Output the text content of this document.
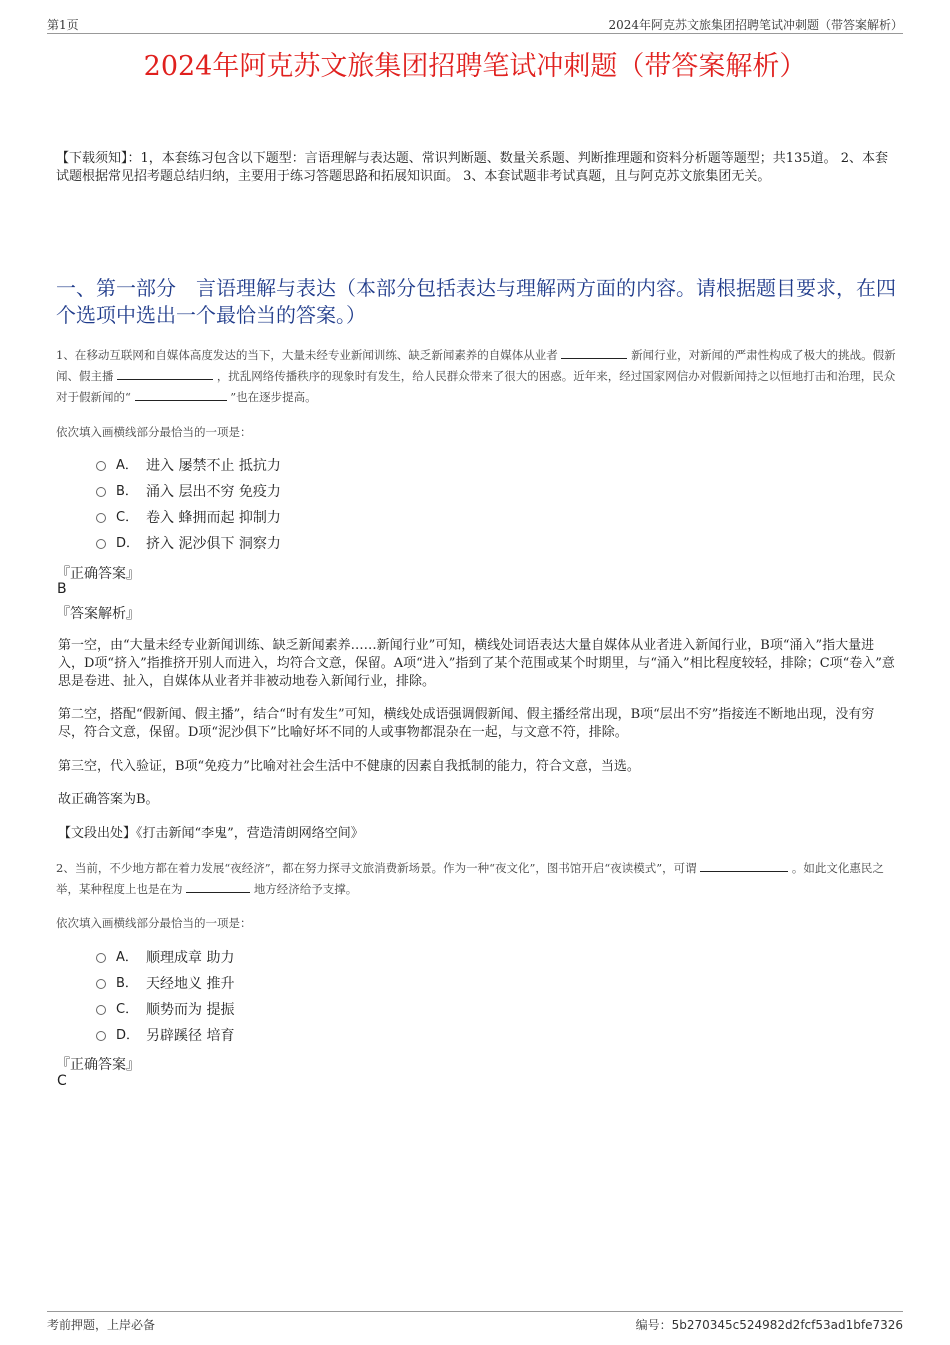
第1页	2024年阿克苏文旅集团招聘笔试冲刺题（带答案解析）
2024年阿克苏文旅集团招聘笔试冲刺题（带答案解析）
【下载须知】：1，本套练习包含以下题型：言语理解与表达题、常识判断题、数量关系题、判断推理题和资料分析题等题型；共135道。 2、本套试题根据常见招考题总结归纳，主要用于练习答题思路和拓展知识面。 3、本套试题非考试真题，且与阿克苏文旅集团无关。
一、第一部分　言语理解与表达（本部分包括表达与理解两方面的内容。请根据题目要求，在四个选项中选出一个最恰当的答案。）
1、在移动互联网和自媒体高度发达的当下，大量未经专业新闻训练、缺乏新闻素养的自媒体从业者	新闻行业，对新闻的严肃性构成了极大的挑战。假新闻、假主播	，扰乱网络传播秩序的现象时有发生，给人民群众带来了很大的困惑。近年来，经过国家网信办对假新闻持之以恒地打击和治理，民众对于假新闻的“	”也在逐步提高。
依次填入画横线部分最恰当的一项是：
A． 进入 屡禁不止 抵抗力
B． 涌入 层出不穷 免疫力
C． 卷入 蜂拥而起 抑制力
D． 挤入 泥沙俱下 洞察力
『正确答案』
B
『答案解析』
第一空，由“大量未经专业新闻训练、缺乏新闻素养……新闻行业”可知，横线处词语表达大量自媒体从业者进入新闻行业，B项“涌入”指大量进入，D项“挤入”指推挤开别人而进入，均符合文意，保留。A项“进入”指到了某个范围或某个时期里，与“涌入”相比程度较轻，排除；C项“卷入”意思是卷进、扯入，自媒体从业者并非被动地卷入新闻行业，排除。
第二空，搭配“假新闻、假主播”，结合“时有发生”可知，横线处成语强调假新闻、假主播经常出现，B项“层出不穷”指接连不断地出现，没有穷尽，符合文意，保留。D项“泥沙俱下”比喻好坏不同的人或事物都混杂在一起，与文意不符，排除。
第三空，代入验证，B项“免疫力”比喻对社会生活中不健康的因素自我抵制的能力，符合文意，当选。
故正确答案为B。
【文段出处】《打击新闻“李鬼”，营造清朗网络空间》
2、当前，不少地方都在着力发展“夜经济”，都在努力探寻文旅消费新场景。作为一种“夜文化”，图书馆开启“夜读模式”，可谓	。如此文化惠民之举，某种程度上也是在为	地方经济给予支撑。
依次填入画横线部分最恰当的一项是：
A． 顺理成章 助力
B． 天经地义 推升
C． 顺势而为 提振
D． 另辟蹊径 培育
『正确答案』
C
考前押题，上岸必备	编号：5b270345c524982d2fcf53ad1bfe7326
